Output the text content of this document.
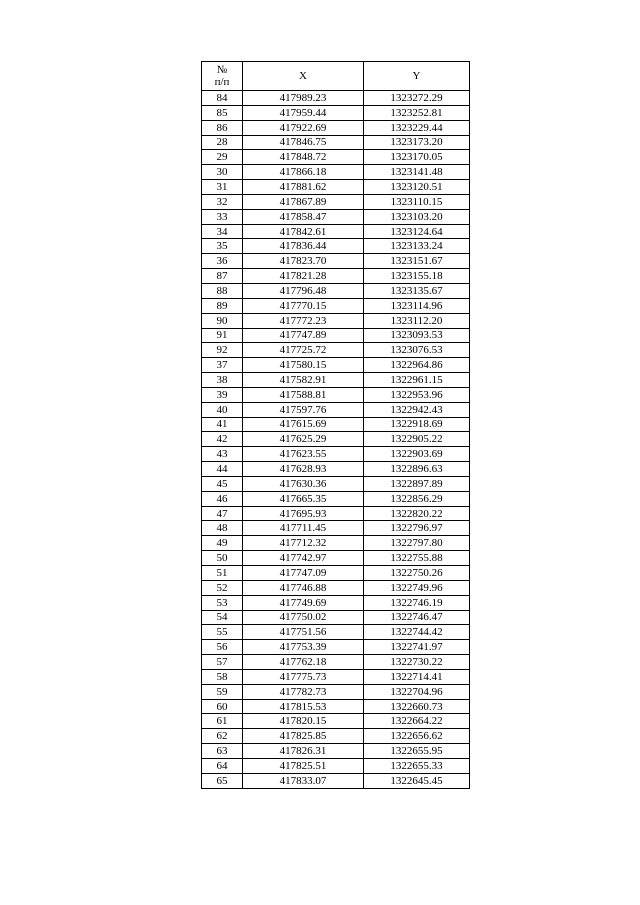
№
п/п	X	Y
84	417989.23	1323272.29
85	417959.44	1323252.81
86	417922.69	1323229.44
28	417846.75	1323173.20
29	417848.72	1323170.05
30	417866.18	1323141.48
31	417881.62	1323120.51
32	417867.89	1323110.15
33	417858.47	1323103.20
34	417842.61	1323124.64
35	417836.44	1323133.24
36	417823.70	1323151.67
87	417821.28	1323155.18
88	417796.48	1323135.67
89	417770.15	1323114.96
90	417772.23	1323112.20
91	417747.89	1323093.53
92	417725.72	1323076.53
37	417580.15	1322964.86
38	417582.91	1322961.15
39	417588.81	1322953.96
40	417597.76	1322942.43
41	417615.69	1322918.69
42	417625.29	1322905.22
43	417623.55	1322903.69
44	417628.93	1322896.63
45	417630.36	1322897.89
46	417665.35	1322856.29
47	417695.93	1322820.22
48	417711.45	1322796.97
49	417712.32	1322797.80
50	417742.97	1322755.88
51	417747.09	1322750.26
52	417746.88	1322749.96
53	417749.69	1322746.19
54	417750.02	1322746.47
55	417751.56	1322744.42
56	417753.39	1322741.97
57	417762.18	1322730.22
58	417775.73	1322714.41
59	417782.73	1322704.96
60	417815.53	1322660.73
61	417820.15	1322664.22
62	417825.85	1322656.62
63	417826.31	1322655.95
64	417825.51	1322655.33
65	417833.07	1322645.45
